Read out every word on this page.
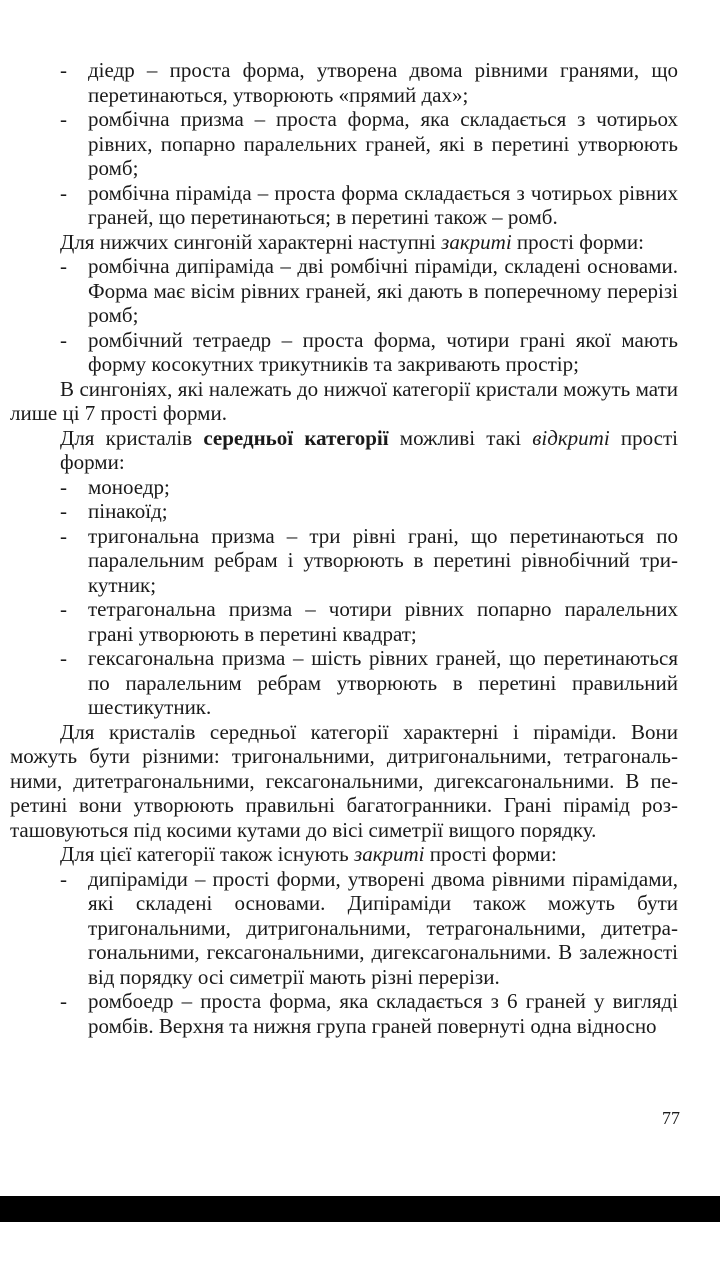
- діедр – проста форма, утворена двома рівними гранями, що перетинаються, утворюють «прямий дах»;
- ромбічна призма – проста форма, яка складається з чотирьох рівних, попарно паралельних граней, які в перетині утворюють ромб;
- ромбічна піраміда – проста форма складається з чотирьох рівних граней, що перетинаються; в перетині також – ромб.
Для нижчих сингоній характерні наступні закриті прості форми:
- ромбічна дипіраміда – дві ромбічні піраміди, складені основами. Форма має вісім рівних граней, які дають в поперечному перерізі ромб;
- ромбічний тетраедр – проста форма, чотири грані якої мають форму косокутних трикутників та закривають простір;
В сингоніях, які належать до нижчої категорії кристали можуть мати лише ці 7 прості форми.
Для кристалів середньої категорії можливі такі відкриті прості форми:
- моноедр;
- пінакоїд;
- тригональна призма – три рівні грані, що перетинаються по паралельним ребрам і утворюють в перетині рівнобічний трикутник;
- тетрагональна призма – чотири рівних попарно паралельних грані утворюють в перетині квадрат;
- гексагональна призма – шість рівних граней, що перетинаються по паралельним ребрам утворюють в перетині правильний шестикутник.
Для кристалів середньої категорії характерні і піраміди. Вони можуть бути різними: тригональними, дитригональними, тетрагональними, дитетрагональними, гексагональними, дигексагональними. В перетині вони утворюють правильні багатогранники. Грані пірамід розташовуються під косими кутами до вісі симетрії вищого порядку.
Для цієї категорії також існують закриті прості форми:
- дипіраміди – прості форми, утворені двома рівними пірамідами, які складені основами. Дипіраміди також можуть бути тригональними, дитригональними, тетрагональними, дитетрагональними, гексагональними, дигексагональними. В залежності від порядку осі симетрії мають різні перерізи.
- ромбоедр – проста форма, яка складається з 6 граней у вигляді ромбів. Верхня та нижня група граней повернуті одна відносно
77
